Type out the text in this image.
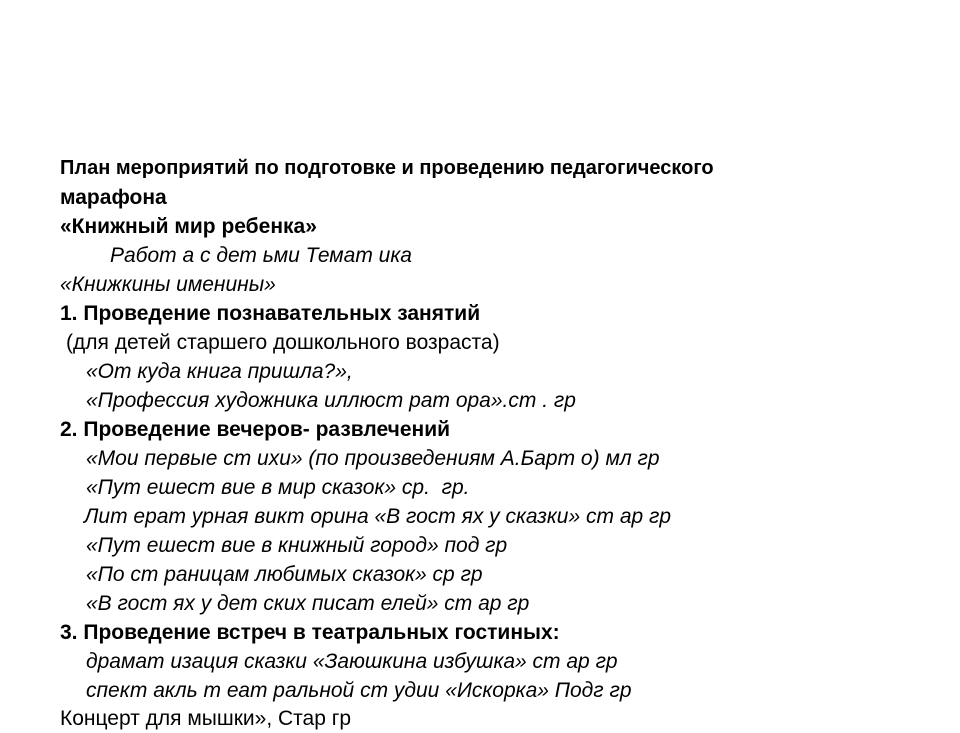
План мероприятий по подготовке и проведению педагогического
марафона
«Книжный мир ребенка»
Работ а с дет ьми Темат ика
«Книжкины именины»
1. Проведение познавательных занятий
(для детей старшего дошкольного возраста)
«От куда книга пришла?»,
«Профессия художника иллюст рат ора».ст . гр
2. Проведение вечеров- развлечений
«Мои первые ст ихи» (по произведениям А.Барт о) мл гр
«Пут ешест вие в мир сказок» ср.  гр.
Лит ерат урная викт орина «В гост ях у сказки» ст ар гр
«Пут ешест вие в книжный город» под гр
«По ст раницам любимых сказок» ср гр
«В гост ях у дет ских писат елей» ст ар гр
3. Проведение встреч в театральных гостиных:
драмат изация сказки «Заюшкина избушка» ст ар гр
спект акль т еат ральной ст удии «Искорка» Подг гр
Концерт для мышки», Стар гр
